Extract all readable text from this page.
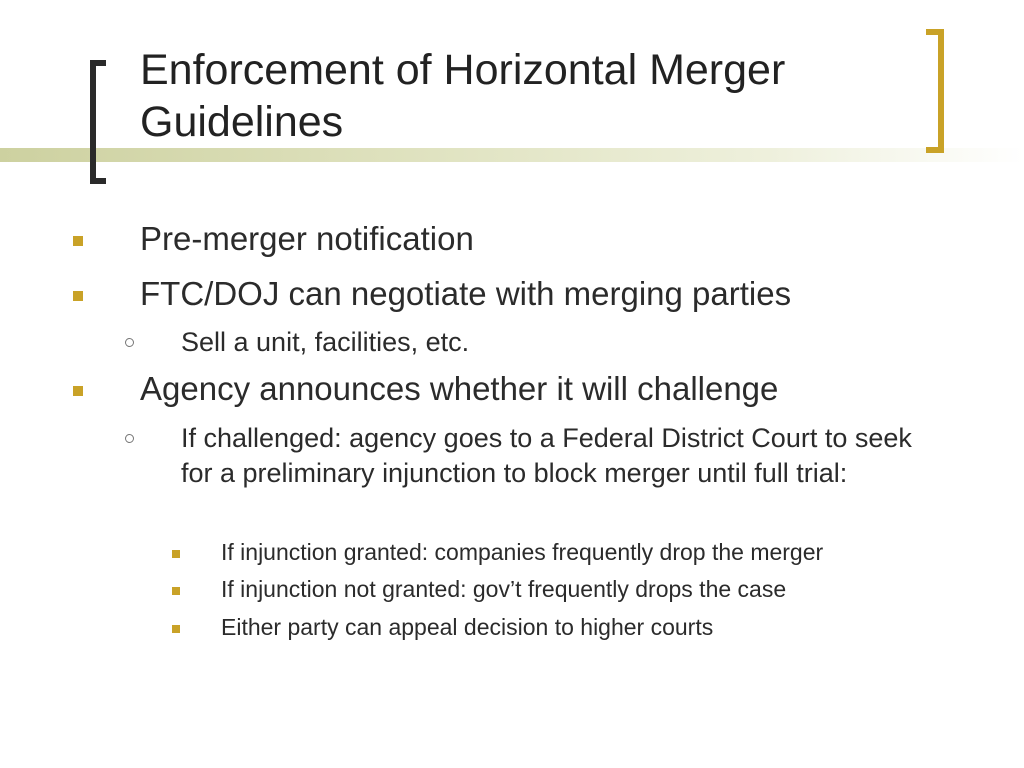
Enforcement of Horizontal Merger Guidelines
Pre-merger notification
FTC/DOJ can negotiate with merging parties
Sell a unit, facilities, etc.
Agency announces whether it will challenge
If challenged: agency goes to a Federal District Court to seek for a preliminary injunction to block merger until full trial:
If injunction granted: companies frequently drop the merger
If injunction not granted: gov’t frequently drops the case
Either party can appeal decision to higher courts
